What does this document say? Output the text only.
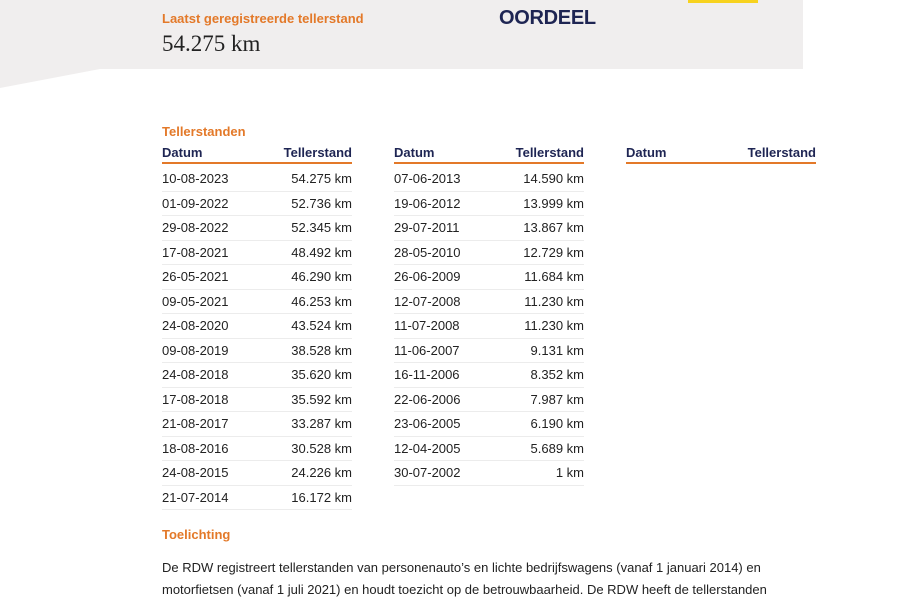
Laatst geregistreerde tellerstand
54.275 km
OORDEEL
Tellerstanden
Datum	Tellerstand
10-08-2023	54.275 km
01-09-2022	52.736 km
29-08-2022	52.345 km
17-08-2021	48.492 km
26-05-2021	46.290 km
09-05-2021	46.253 km
24-08-2020	43.524 km
09-08-2019	38.528 km
24-08-2018	35.620 km
17-08-2018	35.592 km
21-08-2017	33.287 km
18-08-2016	30.528 km
24-08-2015	24.226 km
21-07-2014	16.172 km
Datum	Tellerstand
07-06-2013	14.590 km
19-06-2012	13.999 km
29-07-2011	13.867 km
28-05-2010	12.729 km
26-06-2009	11.684 km
12-07-2008	11.230 km
11-07-2008	11.230 km
11-06-2007	9.131 km
16-11-2006	8.352 km
22-06-2006	7.987 km
23-06-2005	6.190 km
12-04-2005	5.689 km
30-07-2002	1 km
Datum	Tellerstand
Toelichting
De RDW registreert tellerstanden van personenauto’s en lichte bedrijfswagens (vanaf 1 januari 2014) en motorfietsen (vanaf 1 juli 2021) en houdt toezicht op de betrouwbaarheid. De RDW heeft de tellerstanden
